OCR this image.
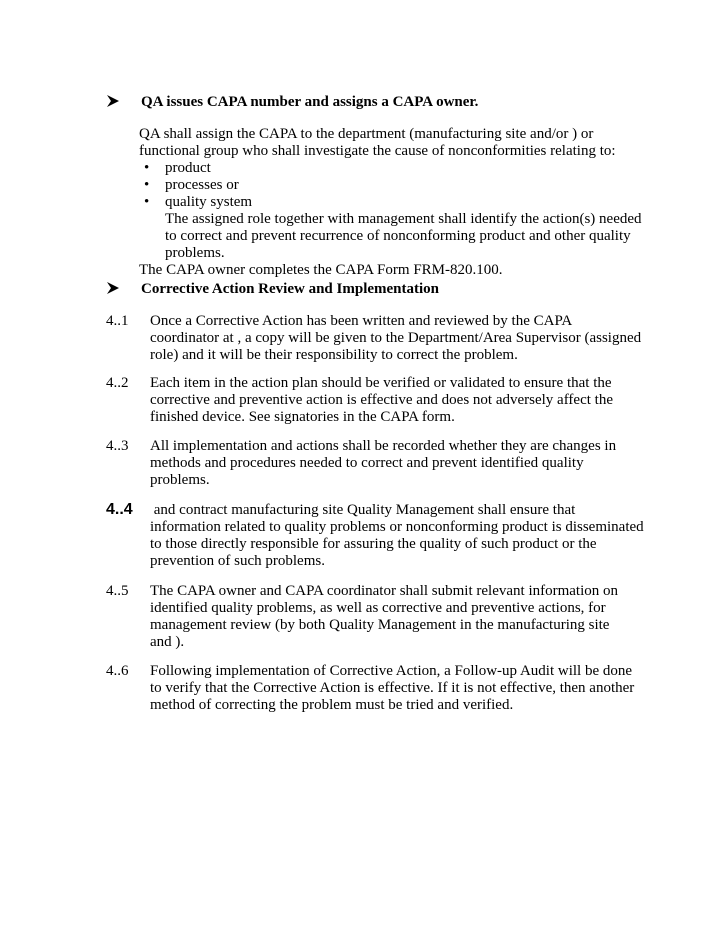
QA issues CAPA number and assigns a CAPA owner.
QA shall assign the CAPA to the department (manufacturing site and/or ) or
functional group who shall investigate the cause of nonconformities relating to:
• product
• processes or
• quality system
The assigned role together with management shall identify the action(s) needed
to correct and prevent recurrence of nonconforming product and other quality
problems.
The CAPA owner completes the CAPA Form FRM-820.100.
Corrective Action Review and Implementation
4..1 Once a Corrective Action has been written and reviewed by the CAPA
coordinator at , a copy will be given to the Department/Area Supervisor (assigned
role) and it will be their responsibility to correct the problem.
4..2 Each item in the action plan should be verified or validated to ensure that the
corrective and preventive action is effective and does not adversely affect the
finished device. See signatories in the CAPA form.
4..3 All implementation and actions shall be recorded whether they are changes in
methods and procedures needed to correct and prevent identified quality
problems.
4..4 and contract manufacturing site Quality Management shall ensure that
information related to quality problems or nonconforming product is disseminated
to those directly responsible for assuring the quality of such product or the
prevention of such problems.
4..5 The CAPA owner and CAPA coordinator shall submit relevant information on
identified quality problems, as well as corrective and preventive actions, for
management review (by both Quality Management in the manufacturing site
and ).
4..6 Following implementation of Corrective Action, a Follow-up Audit will be done
to verify that the Corrective Action is effective. If it is not effective, then another
method of correcting the problem must be tried and verified.
